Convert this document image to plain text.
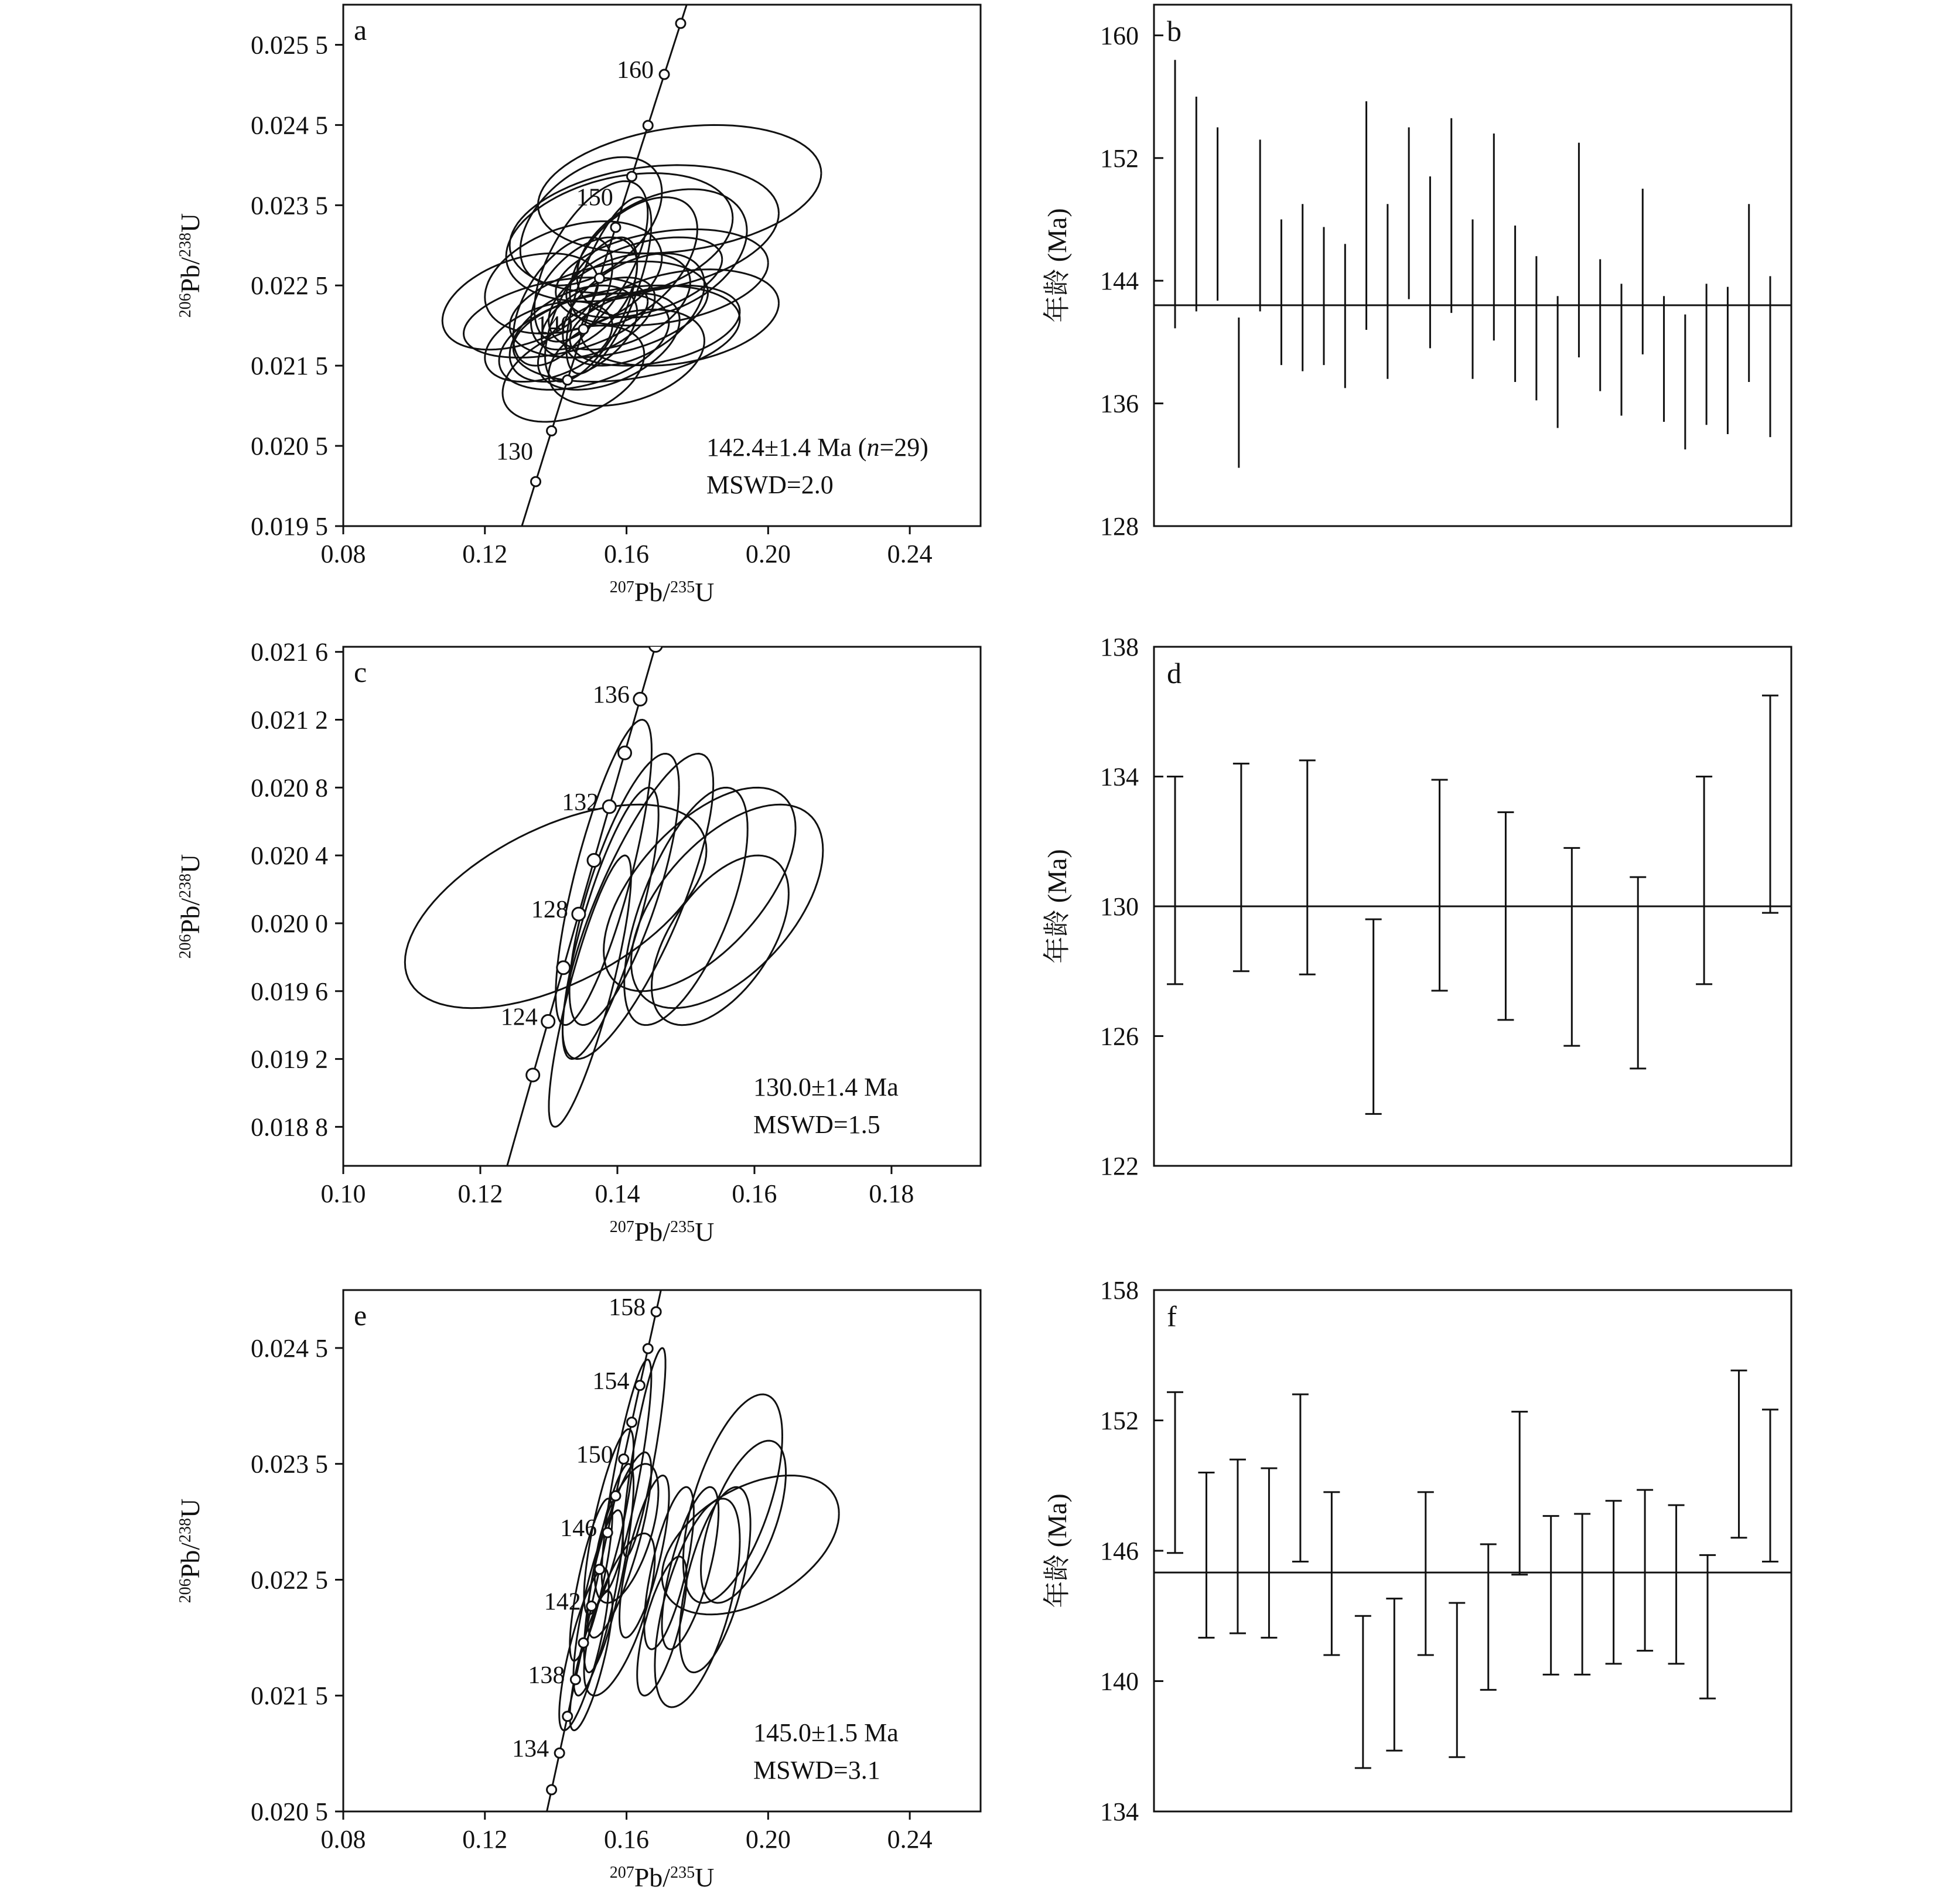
0.08	0.12	0.16	0.20	0.24
0.019 5
0.020 5
0.021 5
0.022 5
0.023 5
0.024 5
0.025 5
160
150
140
130
a
$^{207}$Pb/$^{235}$U
$^{206}$Pb/$^{238}$U
142.4±1.4 Ma (n=29)
MSWD=2.0
128
136
144
152
160 b
年龄 (Ma)
0.10	0.12	0.14	0.16	0.18
0.018 8
0.019 2
0.019 6
0.020 0
0.020 4
0.020 8
0.021 2
0.021 6
136
132
128
124
c
$^{207}$Pb/$^{235}$U
$^{206}$Pb/$^{238}$U
130.0±1.4 Ma
MSWD=1.5
122
126
130
134
138
d
年龄 (Ma)
0.08	0.12	0.16	0.20	0.24
0.020 5
0.021 5
0.022 5
0.023 5
0.024 5
158
154
150
146
142
138
134
e
$^{207}$Pb/$^{235}$U
$^{206}$Pb/$^{238}$U
145.0±1.5 Ma
MSWD=3.1
134
140
146
152
158
f
年龄 (Ma)
